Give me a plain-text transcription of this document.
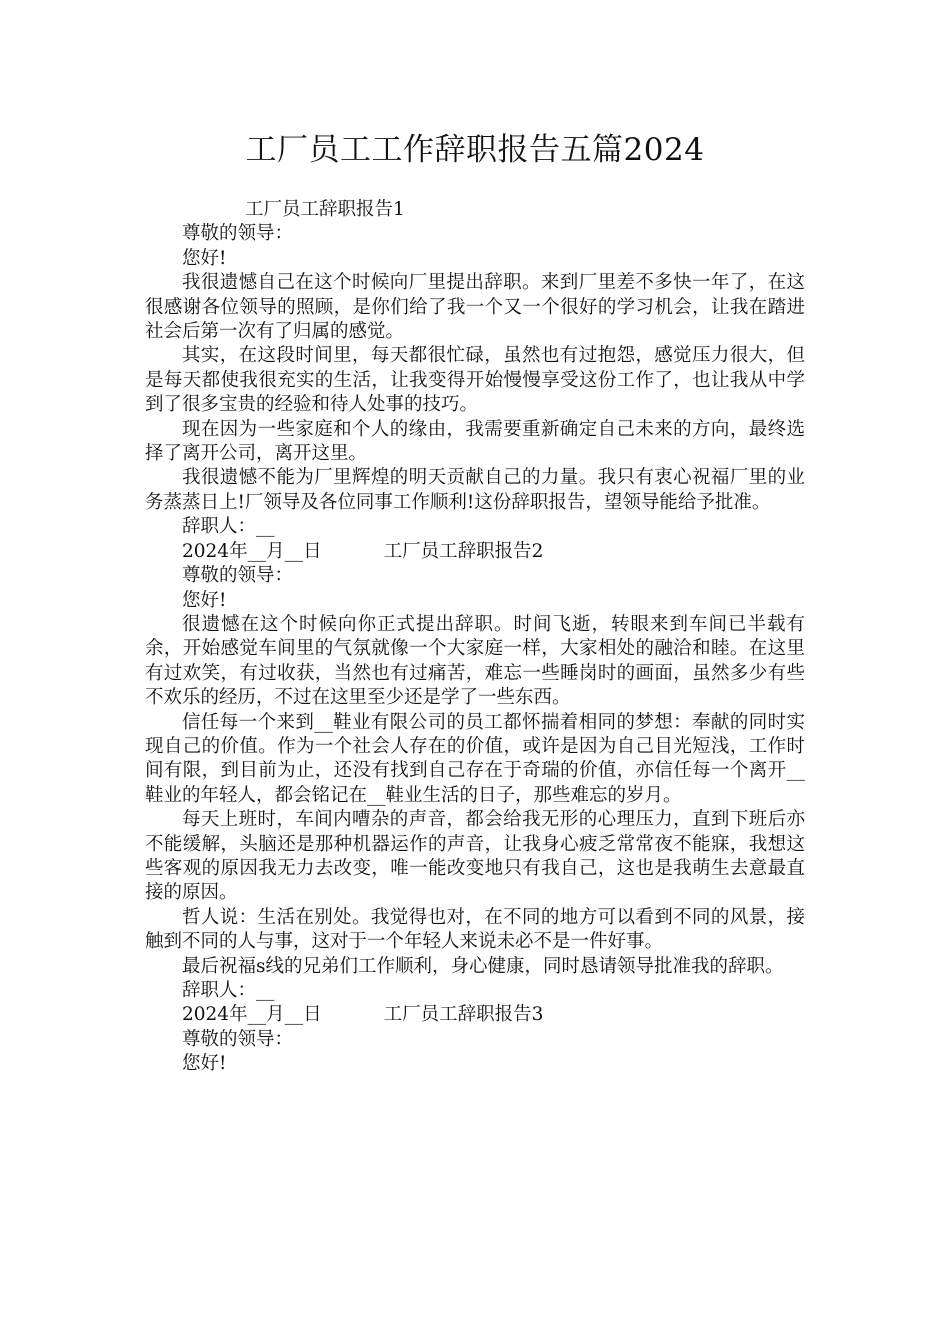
工厂员工工作辞职报告五篇2024

工厂员工辞职报告1

尊敬的领导：

您好!

我很遗憾自己在这个时候向厂里提出辞职。来到厂里差不多快一年了，在这很感谢各位领导的照顾，是你们给了我一个又一个很好的学习机会，让我在踏进社会后第一次有了归属的感觉。

其实，在这段时间里，每天都很忙碌，虽然也有过抱怨，感觉压力很大，但是每天都使我很充实的生活，让我变得开始慢慢享受这份工作了，也让我从中学到了很多宝贵的经验和待人处事的技巧。

现在因为一些家庭和个人的缘由，我需要重新确定自己未来的方向，最终选择了离开公司，离开这里。

我很遗憾不能为厂里辉煌的明天贡献自己的力量。我只有衷心祝福厂里的业务蒸蒸日上!厂领导及各位同事工作顺利!这份辞职报告，望领导能给予批准。

辞职人：__

2024年__月__日	工厂员工辞职报告2

尊敬的领导：

您好!

很遗憾在这个时候向你正式提出辞职。时间飞逝，转眼来到车间已半载有余，开始感觉车间里的气氛就像一个大家庭一样，大家相处的融洽和睦。在这里有过欢笑，有过收获，当然也有过痛苦，难忘一些睡岗时的画面，虽然多少有些不欢乐的经历，不过在这里至少还是学了一些东西。

信任每一个来到__鞋业有限公司的员工都怀揣着相同的梦想：奉献的同时实现自己的价值。作为一个社会人存在的价值，或许是因为自己目光短浅，工作时间有限，到目前为止，还没有找到自己存在于奇瑞的价值，亦信任每一个离开__鞋业的年轻人，都会铭记在__鞋业生活的日子，那些难忘的岁月。

每天上班时，车间内嘈杂的声音，都会给我无形的心理压力，直到下班后亦不能缓解，头脑还是那种机器运作的声音，让我身心疲乏常常夜不能寐，我想这些客观的原因我无力去改变，唯一能改变地只有我自己，这也是我萌生去意最直接的原因。

哲人说：生活在别处。我觉得也对，在不同的地方可以看到不同的风景，接触到不同的人与事，这对于一个年轻人来说未必不是一件好事。

最后祝福s线的兄弟们工作顺利，身心健康，同时恳请领导批准我的辞职。

辞职人：__

2024年__月__日	工厂员工辞职报告3

尊敬的领导：

您好!
